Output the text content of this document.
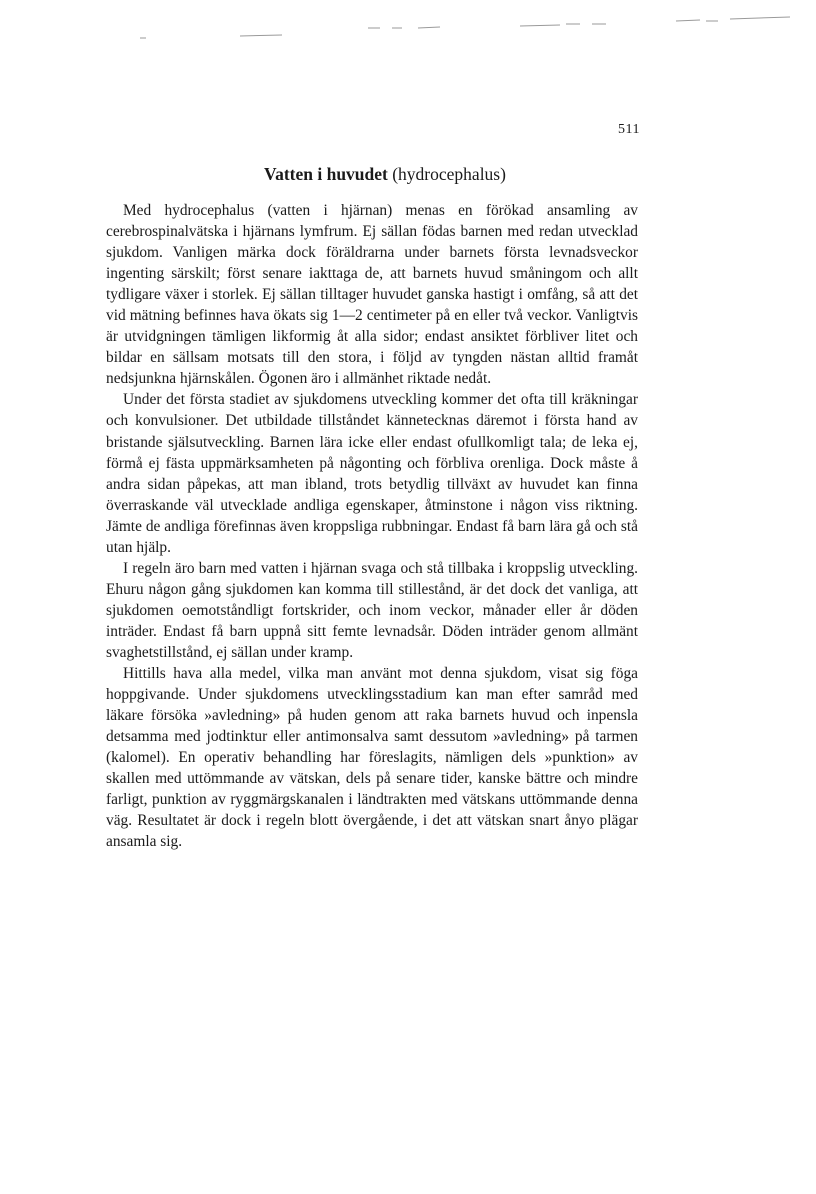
511
Vatten i huvudet (hydrocephalus)

Med hydrocephalus (vatten i hjärnan) menas en förökad ansamling av cerebrospinalvätska i hjärnans lymfrum. Ej sällan födas barnen med redan utvecklad sjukdom. Vanligen märka dock föräldrarna under barnets första levnadsveckor ingenting särskilt; först senare iakttaga de, att barnets huvud småningom och allt tydligare växer i storlek. Ej sällan tilltager huvudet ganska hastigt i omfång, så att det vid mätning befinnes hava ökats sig 1—2 centimeter på en eller två veckor. Vanligtvis är utvidgningen tämligen likformig åt alla sidor; endast ansiktet förbliver litet och bildar en sällsam motsats till den stora, i följd av tyngden nästan alltid framåt nedsjunkna hjärnskålen. Ögonen äro i allmänhet riktade nedåt.

Under det första stadiet av sjukdomens utveckling kommer det ofta till kräkningar och konvulsioner. Det utbildade tillståndet kännetecknas däremot i första hand av bristande själsutveckling. Barnen lära icke eller endast ofullkomligt tala; de leka ej, förmå ej fästa uppmärksamheten på någonting och förbliva orenliga. Dock måste å andra sidan påpekas, att man ibland, trots betydlig tillväxt av huvudet kan finna överraskande väl utvecklade andliga egenskaper, åtminstone i någon viss riktning. Jämte de andliga förefinnas även kroppsliga rubbningar. Endast få barn lära gå och stå utan hjälp.

I regeln äro barn med vatten i hjärnan svaga och stå tillbaka i kroppslig utveckling. Ehuru någon gång sjukdomen kan komma till stillestånd, är det dock det vanliga, att sjukdomen oemotståndligt fortskrider, och inom veckor, månader eller år döden inträder. Endast få barn uppnå sitt femte levnadsår. Döden inträder genom allmänt svaghetstillstånd, ej sällan under kramp.

Hittills hava alla medel, vilka man använt mot denna sjukdom, visat sig föga hoppgivande. Under sjukdomens utvecklingsstadium kan man efter samråd med läkare försöka »avledning» på huden genom att raka barnets huvud och inpensla detsamma med jodtinktur eller antimonsalva samt dessutom »avledning» på tarmen (kalomel). En operativ behandling har föreslagits, nämligen dels »punktion» av skallen med uttömmande av vätskan, dels på senare tider, kanske bättre och mindre farligt, punktion av ryggmärgskanalen i ländtrakten med vätskans uttömmande denna väg. Resultatet är dock i regeln blott övergående, i det att vätskan snart ånyo plägar ansamla sig.
